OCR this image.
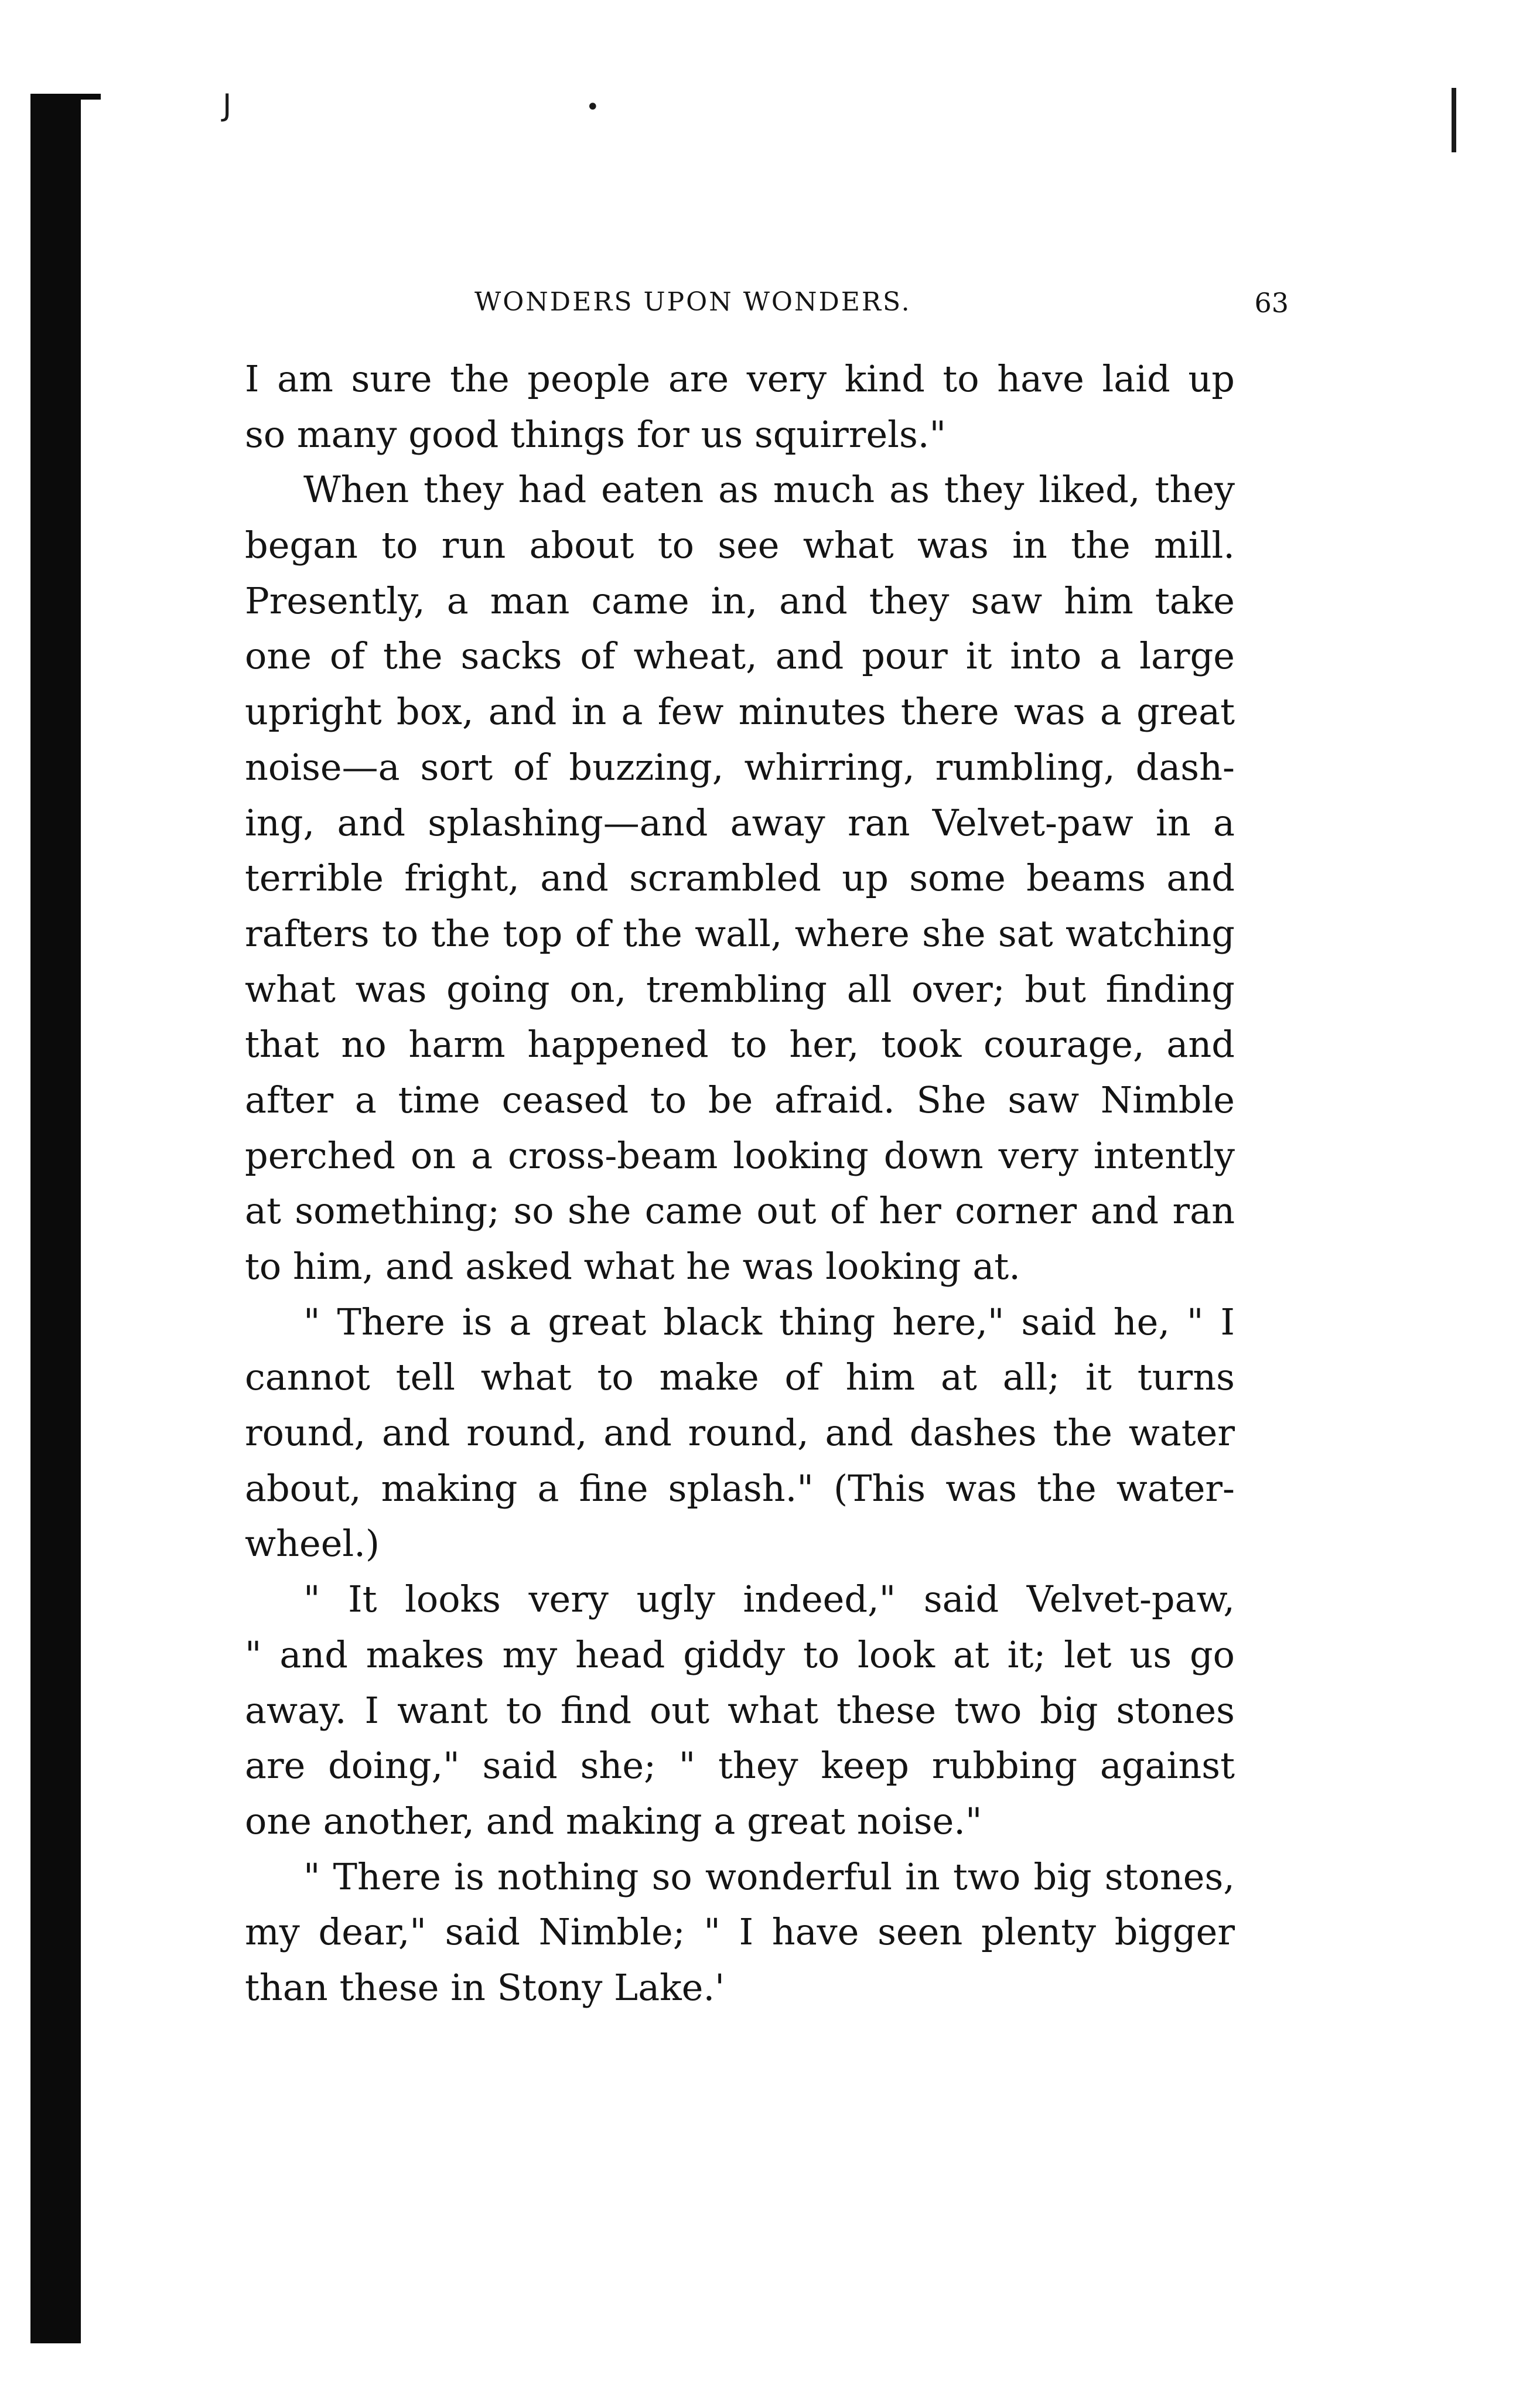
J	•
WONDERS UPON WONDERS.	63
I am sure the people are very kind to have laid up
so many good things for us squirrels."
When they had eaten as much as they liked, they
began to run about to see what was in the mill.
Presently, a man came in, and they saw him take
one of the sacks of wheat, and pour it into a large
upright box, and in a few minutes there was a great
noise—a sort of buzzing, whirring, rumbling, dash-
ing, and splashing—and away ran Velvet-paw in a
terrible fright, and scrambled up some beams and
rafters to the top of the wall, where she sat watching
what was going on, trembling all over; but finding
that no harm happened to her, took courage, and
after a time ceased to be afraid. She saw Nimble
perched on a cross-beam looking down very intently
at something; so she came out of her corner and ran
to him, and asked what he was looking at.
" There is a great black thing here," said he, " I
cannot tell what to make of him at all; it turns
round, and round, and round, and dashes the water
about, making a fine splash." (This was the water-
wheel.)
" It looks very ugly indeed," said Velvet-paw,
" and makes my head giddy to look at it; let us go
away. I want to find out what these two big stones
are doing," said she; " they keep rubbing against
one another, and making a great noise."
" There is nothing so wonderful in two big stones,
my dear," said Nimble; " I have seen plenty bigger
than these in Stony Lake.'
